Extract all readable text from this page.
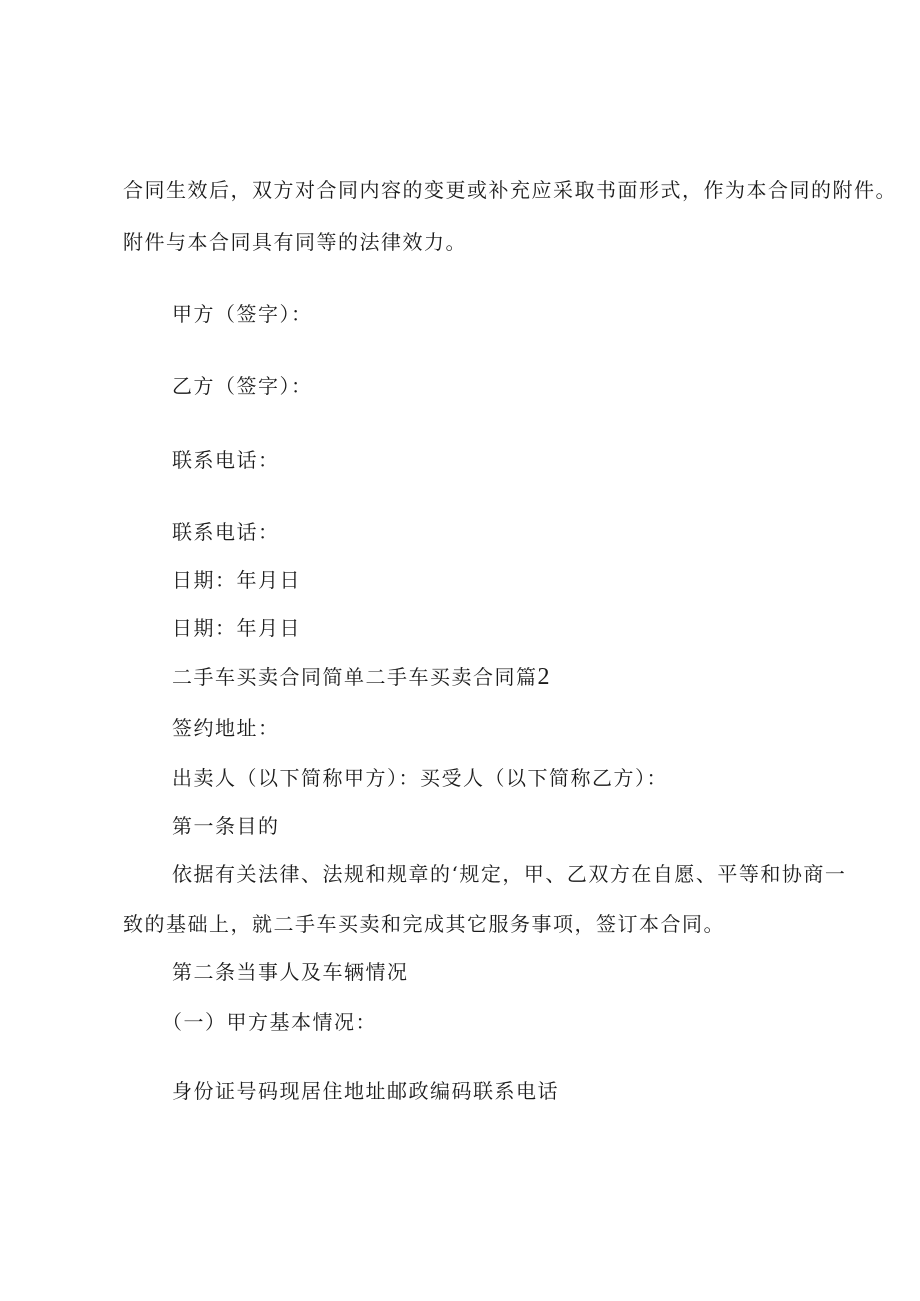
合同生效后，双方对合同内容的变更或补充应采取书面形式，作为本合同的附件。
附件与本合同具有同等的法律效力。
甲方（签字）：
乙方（签字）：
联系电话：
联系电话：
日期：年月日
日期：年月日
二手车买卖合同简单二手车买卖合同篇2
签约地址：
出卖人（以下简称甲方）：买受人（以下简称乙方）：
第一条目的
依据有关法律、法规和规章的‘规定，甲、乙双方在自愿、平等和协商一
致的基础上，就二手车买卖和完成其它服务事项，签订本合同。
第二条当事人及车辆情况
（一）甲方基本情况：
身份证号码现居住地址邮政编码联系电话
